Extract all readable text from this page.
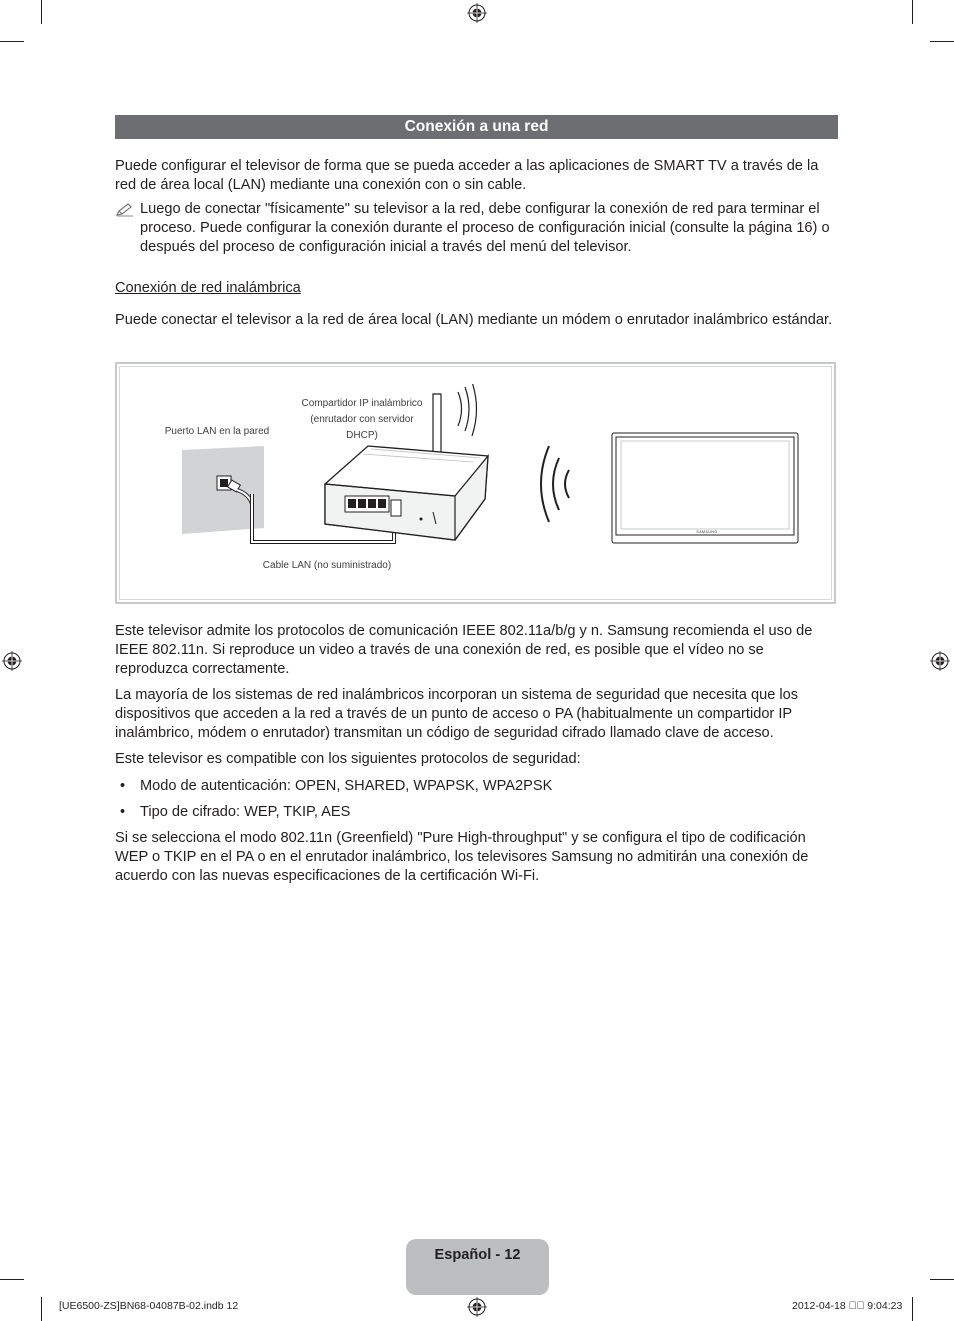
Conexión a una red

Puede configurar el televisor de forma que se pueda acceder a las aplicaciones de SMART TV a través de la red de área local (LAN) mediante una conexión con o sin cable.

Luego de conectar "físicamente" su televisor a la red, debe configurar la conexión de red para terminar el proceso. Puede configurar la conexión durante el proceso de configuración inicial (consulte la página 16) o después del proceso de configuración inicial a través del menú del televisor.
Conexión de red inalámbrica

Puede conectar el televisor a la red de área local (LAN) mediante un módem o enrutador inalámbrico estándar.

Puerto LAN en la pared
Compartidor IP inalámbrico
(enrutador con servidor
DHCP)
Cable LAN (no suministrado)
SAMSUNG

Este televisor admite los protocolos de comunicación IEEE 802.11a/b/g y n. Samsung recomienda el uso de IEEE 802.11n. Si reproduce un video a través de una conexión de red, es posible que el vídeo no se reproduzca correctamente.

La mayoría de los sistemas de red inalámbricos incorporan un sistema de seguridad que necesita que los dispositivos que acceden a la red a través de un punto de acceso o PA (habitualmente un compartidor IP inalámbrico, módem o enrutador) transmitan un código de seguridad cifrado llamado clave de acceso.

Este televisor es compatible con los siguientes protocolos de seguridad:

• Modo de autenticación: OPEN, SHARED, WPAPSK, WPA2PSK
• Tipo de cifrado: WEP, TKIP, AES

Si se selecciona el modo 802.11n (Greenfield) "Pure High-throughput" y se configura el tipo de codificación WEP o TKIP en el PA o en el enrutador inalámbrico, los televisores Samsung no admitirán una conexión de acuerdo con las nuevas especificaciones de la certificación Wi-Fi.

Español - 12
[UE6500-ZS]BN68-04087B-02.indb 12	2012-04-18 ￿￿ 9:04:23
